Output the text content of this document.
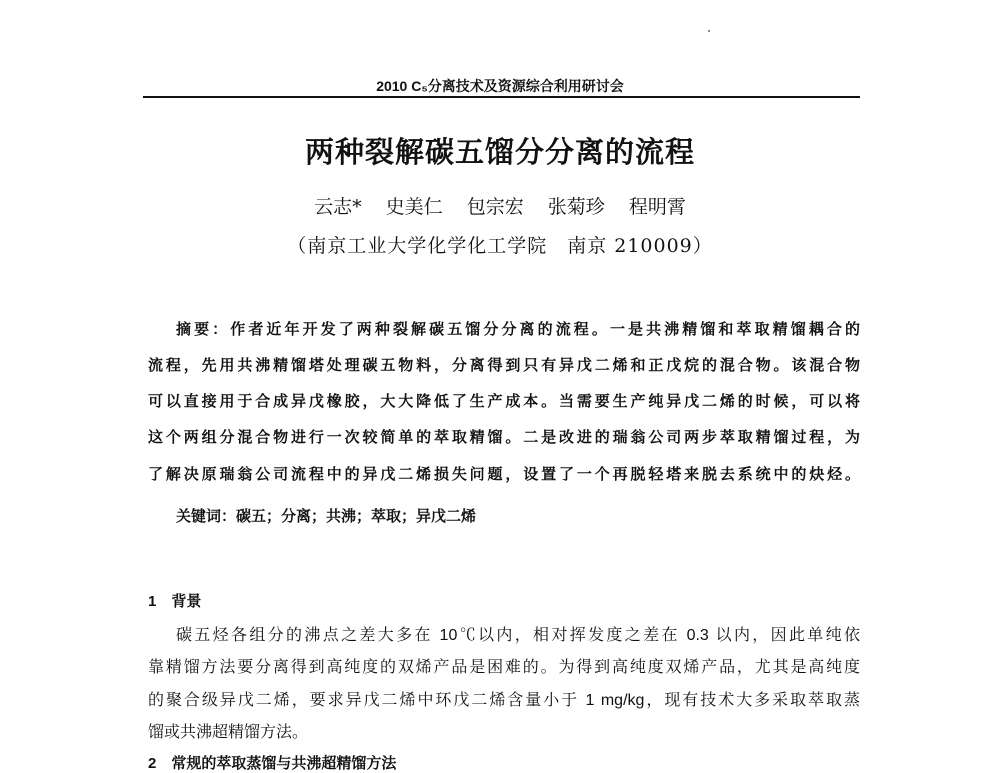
2010 C₅分离技术及资源综合利用研讨会
两种裂解碳五馏分分离的流程
云志* 史美仁 包宗宏 张菊珍 程明霄
（南京工业大学化学化工学院　南京 210009）
摘要：作者近年开发了两种裂解碳五馏分分离的流程。一是共沸精馏和萃取精馏耦合的
流程，先用共沸精馏塔处理碳五物料，分离得到只有异戊二烯和正戊烷的混合物。该混合物
可以直接用于合成异戊橡胶，大大降低了生产成本。当需要生产纯异戊二烯的时候，可以将
这个两组分混合物进行一次较简单的萃取精馏。二是改进的瑞翁公司两步萃取精馏过程，为
了解决原瑞翁公司流程中的异戊二烯损失问题，设置了一个再脱轻塔来脱去系统中的炔烃。
关键词：碳五；分离；共沸；萃取；异戊二烯
1　背景
碳五烃各组分的沸点之差大多在 10℃以内，相对挥发度之差在 0.3 以内，因此单纯依
靠精馏方法要分离得到高纯度的双烯产品是困难的。为得到高纯度双烯产品，尤其是高纯度
的聚合级异戊二烯，要求异戊二烯中环戊二烯含量小于 1 mg/kg，现有技术大多采取萃取蒸
馏或共沸超精馏方法。
2　常规的萃取蒸馏与共沸超精馏方法
